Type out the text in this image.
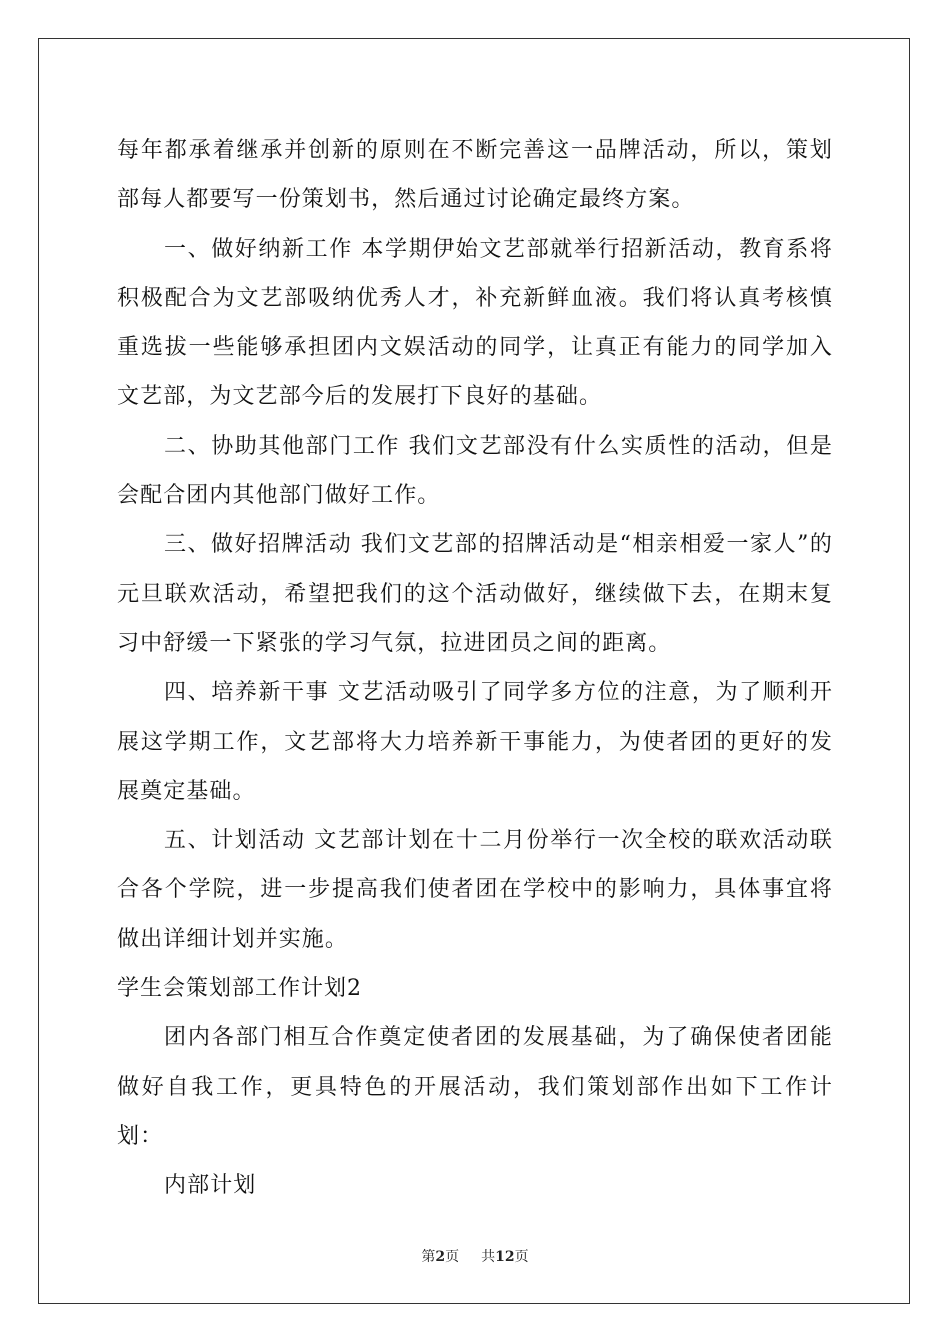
每年都承着继承并创新的原则在不断完善这一品牌活动，所以，策划部每人都要写一份策划书，然后通过讨论确定最终方案。

一、做好纳新工作 本学期伊始文艺部就举行招新活动，教育系将积极配合为文艺部吸纳优秀人才，补充新鲜血液。我们将认真考核慎重选拔一些能够承担团内文娱活动的同学，让真正有能力的同学加入文艺部，为文艺部今后的发展打下良好的基础。

二、协助其他部门工作 我们文艺部没有什么实质性的活动，但是会配合团内其他部门做好工作。

三、做好招牌活动 我们文艺部的招牌活动是“相亲相爱一家人”的元旦联欢活动，希望把我们的这个活动做好，继续做下去，在期末复习中舒缓一下紧张的学习气氛，拉进团员之间的距离。

四、培养新干事 文艺活动吸引了同学多方位的注意，为了顺利开展这学期工作，文艺部将大力培养新干事能力，为使者团的更好的发展奠定基础。

五、计划活动 文艺部计划在十二月份举行一次全校的联欢活动联合各个学院，进一步提高我们使者团在学校中的影响力，具体事宜将做出详细计划并实施。

学生会策划部工作计划2

团内各部门相互合作奠定使者团的发展基础，为了确保使者团能做好自我工作，更具特色的开展活动，我们策划部作出如下工作计划：

内部计划

第2页 共12页
